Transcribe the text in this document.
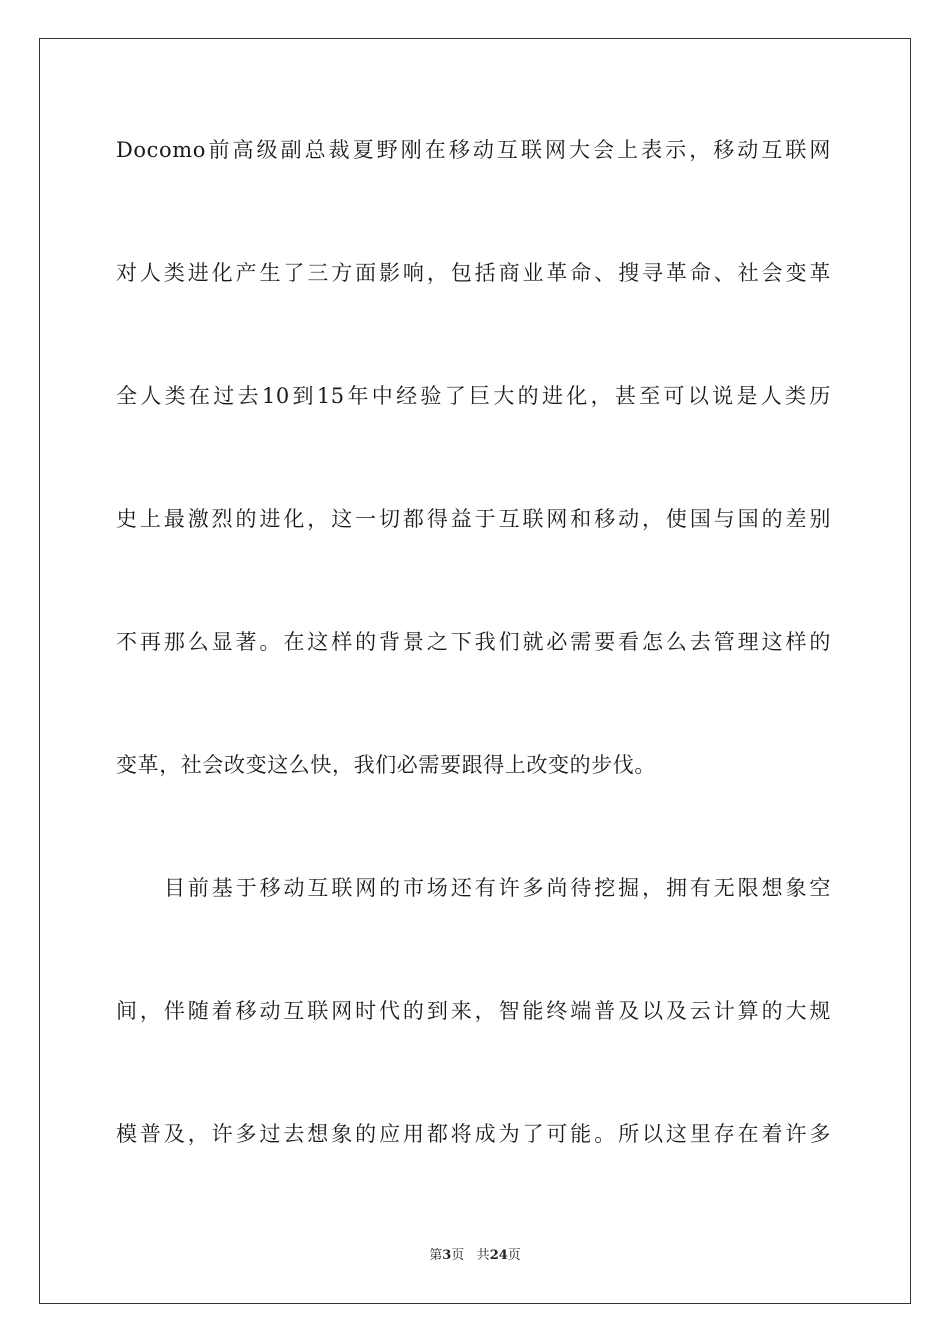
Docomo前高级副总裁夏野刚在移动互联网大会上表示，移动互联网
对人类进化产生了三方面影响，包括商业革命、搜寻革命、社会变革
全人类在过去10到15年中经验了巨大的进化，甚至可以说是人类历
史上最激烈的进化，这一切都得益于互联网和移动，使国与国的差别
不再那么显著。在这样的背景之下我们就必需要看怎么去管理这样的
变革，社会改变这么快，我们必需要跟得上改变的步伐。
目前基于移动互联网的市场还有许多尚待挖掘，拥有无限想象空
间，伴随着移动互联网时代的到来，智能终端普及以及云计算的大规
模普及，许多过去想象的应用都将成为了可能。所以这里存在着许多
第3页 共24页
